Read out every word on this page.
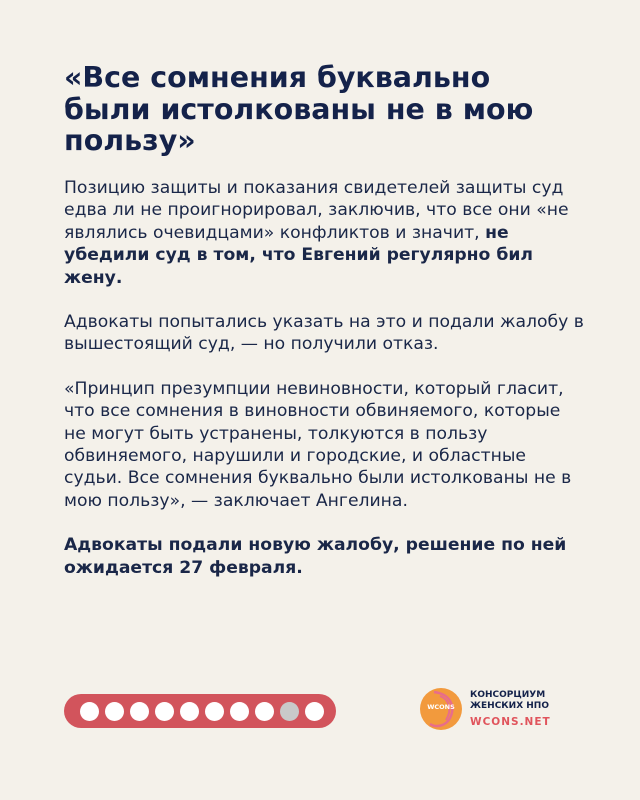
«Все сомнения буквально были истолкованы не в мою пользу»

Позицию защиты и показания свидетелей защиты суд едва ли не проигнорировал, заключив, что все они «не являлись очевидцами» конфликтов и значит, не убедили суд в том, что Евгений регулярно бил жену.

Адвокаты попытались указать на это и подали жалобу в вышестоящий суд, — но получили отказ.

«Принцип презумпции невиновности, который гласит, что все сомнения в виновности обвиняемого, которые не могут быть устранены, толкуются в пользу обвиняемого, нарушили и городские, и областные судьи. Все сомнения буквально были истолкованы не в мою пользу», — заключает Ангелина.

Адвокаты подали новую жалобу, решение по ней ожидается 27 февраля.

WCONS
КОНСОРЦИУМ ЖЕНСКИХ НПО
WCONS.NET
